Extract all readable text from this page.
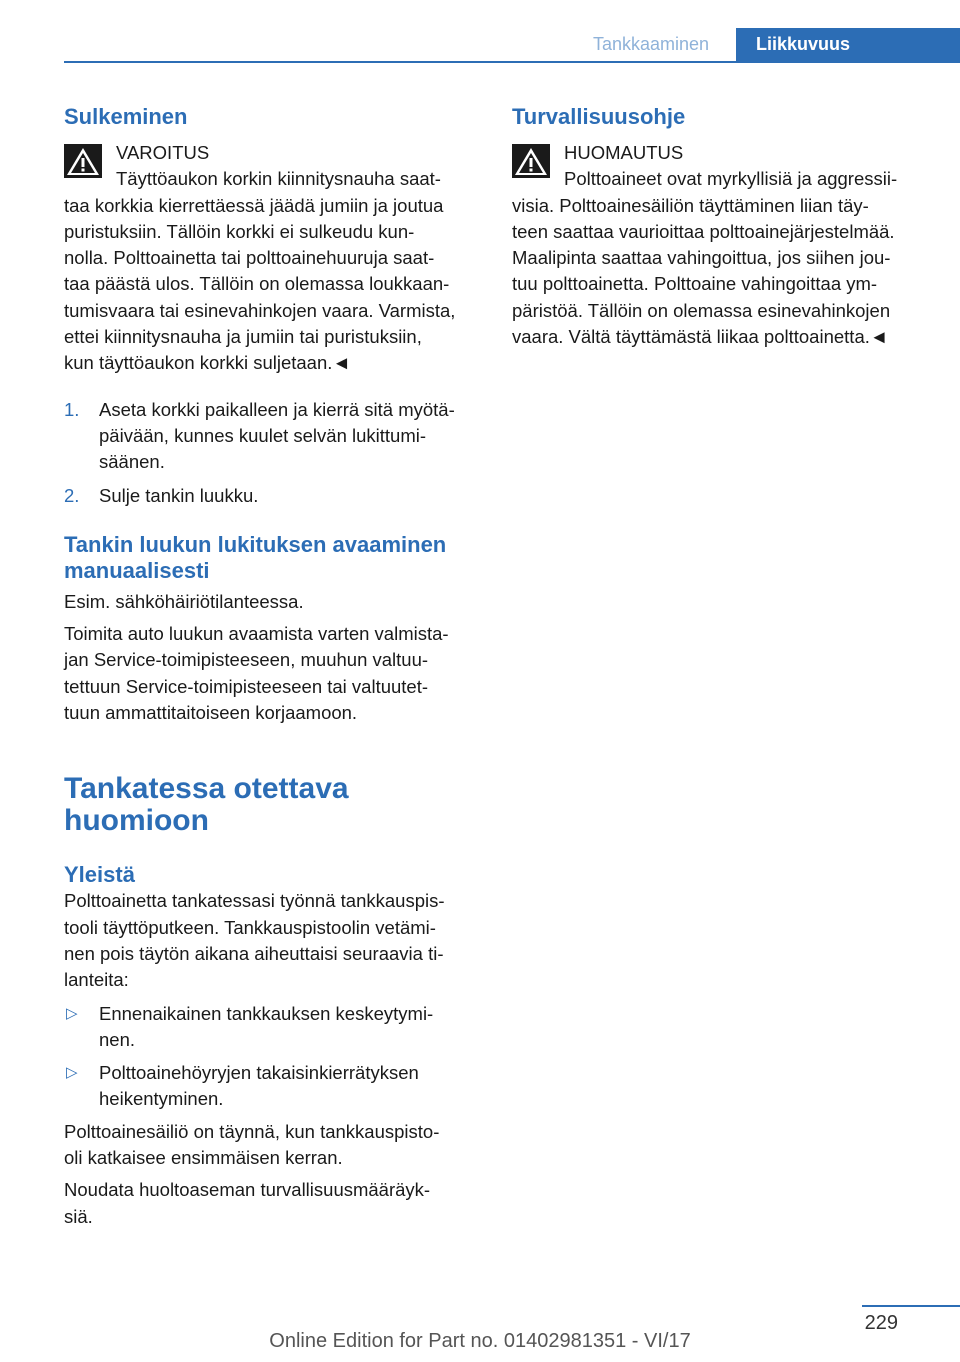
Tankkaaminen	Liikkuvuus
Sulkeminen

VAROITUS

Täyttöaukon korkin kiinnitysnauha saat-

taa korkkia kierrettäessä jäädä jumiin ja joutua

puristuksiin. Tällöin korkki ei sulkeudu kun-

nolla. Polttoainetta tai polttoainehuuruja saat-

taa päästä ulos. Tällöin on olemassa loukkaan-

tumisvaara tai esinevahinkojen vaara. Varmista,

ettei kiinnitysnauha ja jumiin tai puristuksiin,

kun täyttöaukon korkki suljetaan.◄

1. Aseta korkki paikalleen ja kierrä sitä myötä-
päivään, kunnes kuulet selvän lukittumi-
säänen.
2. Sulje tankin luukku.
Tankin luukun lukituksen avaaminen
manuaalisesti

Esim. sähköhäiriötilanteessa.

Toimita auto luukun avaamista varten valmista-

jan Service-toimipisteeseen, muuhun valtuu-

tettuun Service-toimipisteeseen tai valtuutet-

tuun ammattitaitoiseen korjaamoon.

Tankatessa otettava
huomioon
Yleistä

Polttoainetta tankatessasi työnnä tankkauspis-

tooli täyttöputkeen. Tankkauspistoolin vetämi-

nen pois täytön aikana aiheuttaisi seuraavia ti-

lanteita:

▷ Ennenaikainen tankkauksen keskeytymi-
nen.
▷ Polttoainehöyryjen takaisinkierrätyksen
heikentyminen.

Polttoainesäiliö on täynnä, kun tankkauspisto-

oli katkaisee ensimmäisen kerran.

Noudata huoltoaseman turvallisuusmääräyk-

siä.

Turvallisuusohje

HUOMAUTUS

Polttoaineet ovat myrkyllisiä ja aggressii-

visia. Polttoainesäiliön täyttäminen liian täy-

teen saattaa vaurioittaa polttoainejärjestelmää.

Maalipinta saattaa vahingoittua, jos siihen jou-

tuu polttoainetta. Polttoaine vahingoittaa ym-

päristöä. Tällöin on olemassa esinevahinkojen

vaara. Vältä täyttämästä liikaa polttoainetta.◄

229
Online Edition for Part no. 01402981351 - VI/17
